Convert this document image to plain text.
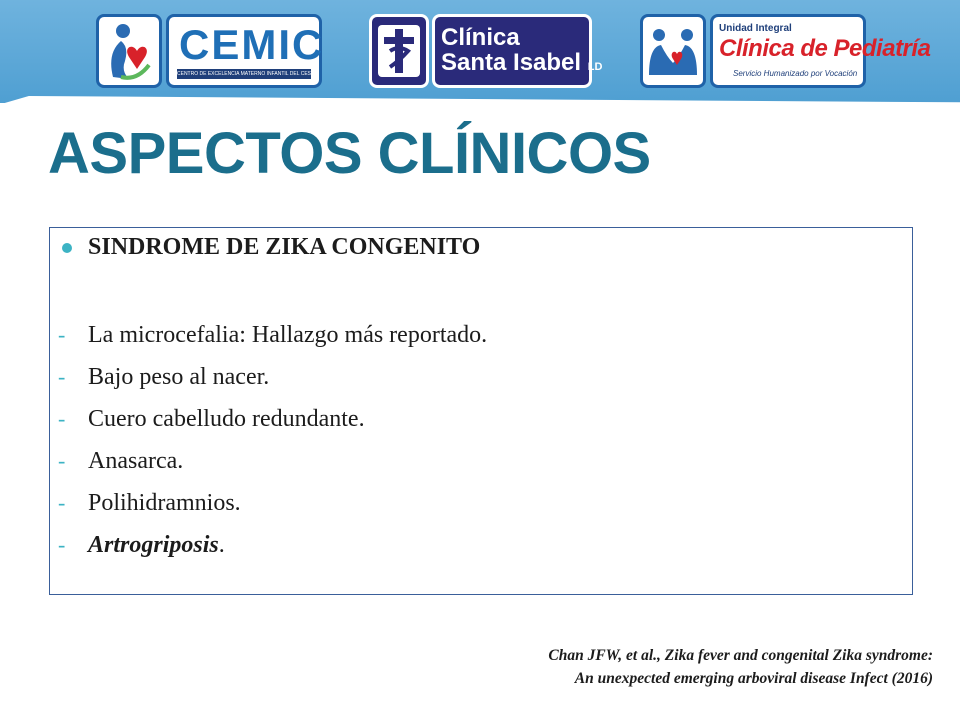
CEMIC
CENTRO DE EXCELENCIA MATERNO INFANTIL DEL CESAR
Clínica
Santa Isabel LD
Unidad Integral
Clínica de Pediatría
Servicio Humanizado por Vocación
ASPECTOS CLÍNICOS
SINDROME DE ZIKA CONGENITO
- La microcefalia: Hallazgo más reportado.
- Bajo peso al nacer.
- Cuero cabelludo redundante.
- Anasarca.
- Polihidramnios.
- Artrogriposis .
Chan JFW, et al., Zika fever and congenital Zika syndrome:
An unexpected emerging arboviral disease Infect (2016)
